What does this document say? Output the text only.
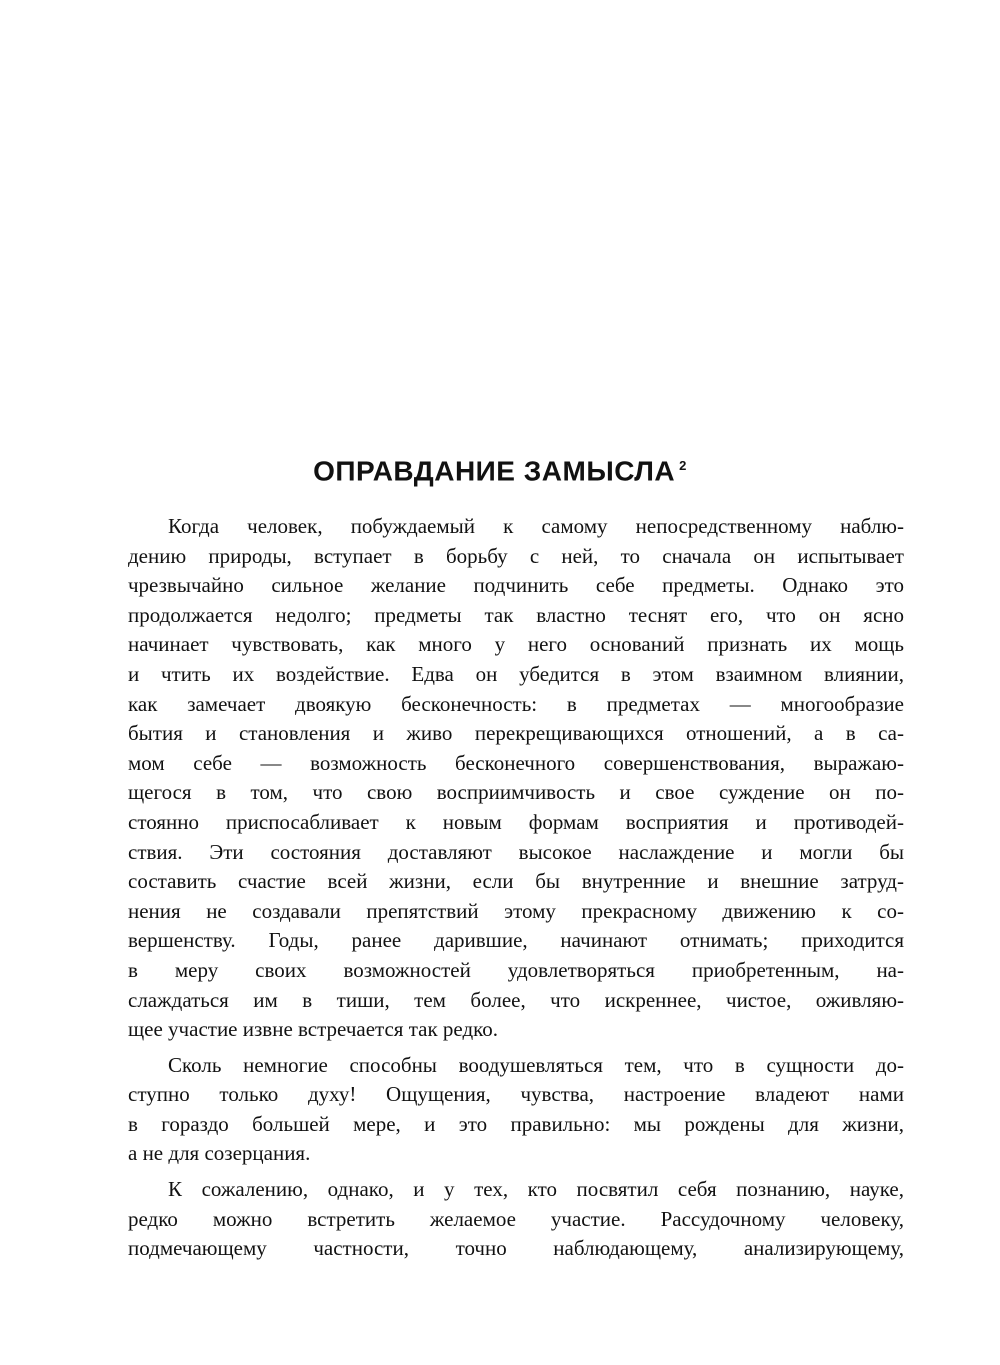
ОПРАВДАНИЕ ЗАМЫСЛА $^2$
Когда человек, побуждаемый к самому непосредственному наблю-
дению природы, вступает в борьбу с ней, то сначала он испытывает
чрезвычайно сильное желание подчинить себе предметы. Однако это
продолжается недолго; предметы так властно теснят его, что он ясно
начинает чувствовать, как много у него оснований признать их мощь
и чтить их воздействие. Едва он убедится в этом взаимном влиянии,
как замечает двоякую бесконечность: в предметах — многообразие
бытия и становления и живо перекрещивающихся отношений, а в са-
мом себе — возможность бесконечного совершенствования, выражаю-
щегося в том, что свою восприимчивость и свое суждение он по-
стоянно приспосабливает к новым формам восприятия и противодей-
ствия. Эти состояния доставляют высокое наслаждение и могли бы
составить счастие всей жизни, если бы внутренние и внешние затруд-
нения не создавали препятствий этому прекрасному движению к со-
вершенству. Годы, ранее дарившие, начинают отнимать; приходится
в меру своих возможностей удовлетворяться приобретенным, на-
слаждаться им в тиши, тем более, что искреннее, чистое, оживляю-
щее участие извне встречается так редко.
Сколь немногие способны воодушевляться тем, что в сущности до-
ступно только духу! Ощущения, чувства, настроение владеют нами
в гораздо большей мере, и это правильно: мы рождены для жизни,
а не для созерцания.
К сожалению, однако, и у тех, кто посвятил себя познанию, науке,
редко можно встретить желаемое участие. Рассудочному человеку,
подмечающему частности, точно наблюдающему, анализирующему,
